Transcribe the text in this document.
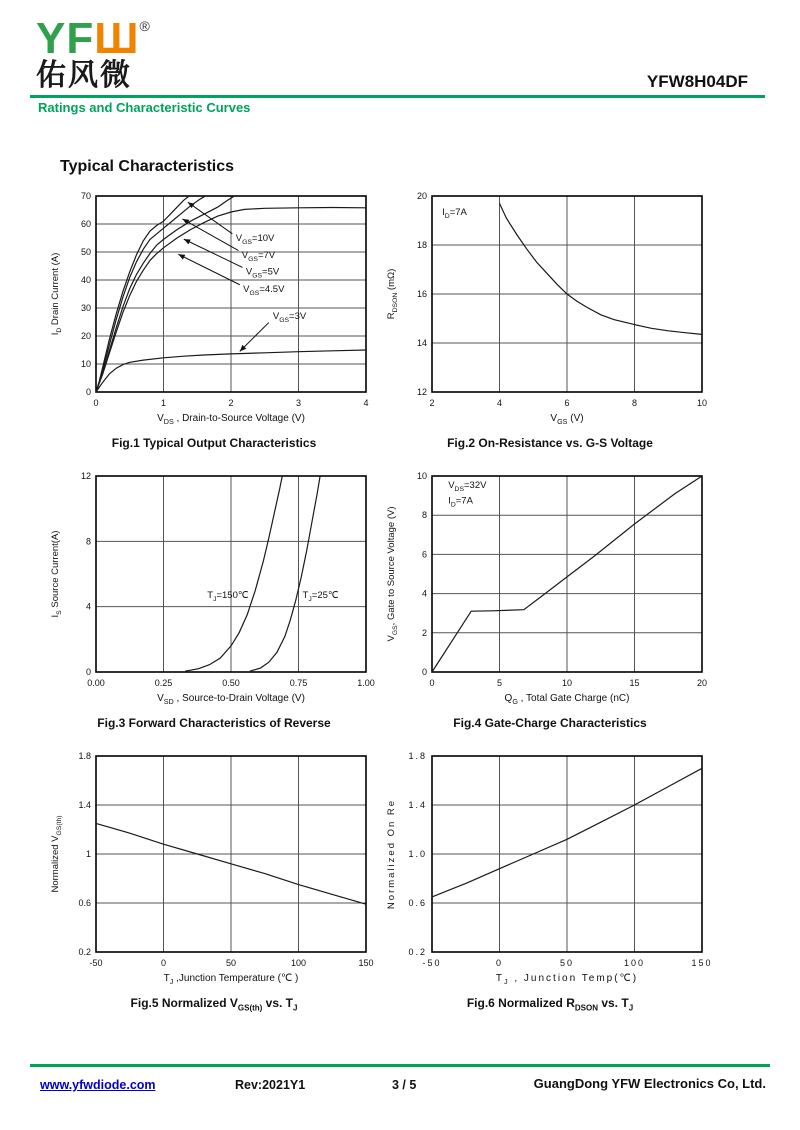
YFШ®
佑风微	YFW8H04DF
Ratings and Characteristic Curves
Typical Characteristics
0	1	2	3	4
0
10
20
30
40
50
60
70
$V_{DS}$ , Drain-to-Source Voltage (V)
$I_D$ Drain Current (A)
$V_{GS}=10V$
$V_{GS}=7V$
$V_{GS}=5V$
$V_{GS}=4.5V$
$V_{GS}=3V$
Fig.1 Typical Output Characteristics
2	4	6	8	10
12
14
16
18
20
$V_{GS}$ (V)
$R_{DSON}$ (mΩ)
$I_D=7A$
Fig.2 On-Resistance vs. G-S Voltage
0.00	0.25	0.50	0.75	1.00
0
4
8
12
$V_{SD}$ , Source-to-Drain Voltage (V)
$I_S$ Source Current(A)	$T_J=150℃$	$T_J=25℃$
Fig.3 Forward Characteristics of Reverse
0	5	10	15	20
0
2
4
6
8
10
$Q_G$ , Total Gate Charge (nC)
$V_{GS}$, Gate to Source Voltage (V)
$V_{DS}=32V$
$I_D=7A$
Fig.4 Gate-Charge Characteristics
-50	0	50	100	150
0.2
0.6
1
1.4
1.8
$T_J$ ,Junction Temperature (℃ )
Normalized $V_{GS(th)}$
Fig.5 Normalized $V_{GS(th)}$ vs. $T_J$
-50	0	50	100	150
0.2
0.6
1.0
1.4
1.8
$T_J$ , Junction Temp(℃)
Normalized On Re
Fig.6 Normalized $R_{DSON}$ vs. $T_J$
www.yfwdiode.com	Rev:2021Y1	3 / 5	GuangDong YFW Electronics Co, Ltd.
